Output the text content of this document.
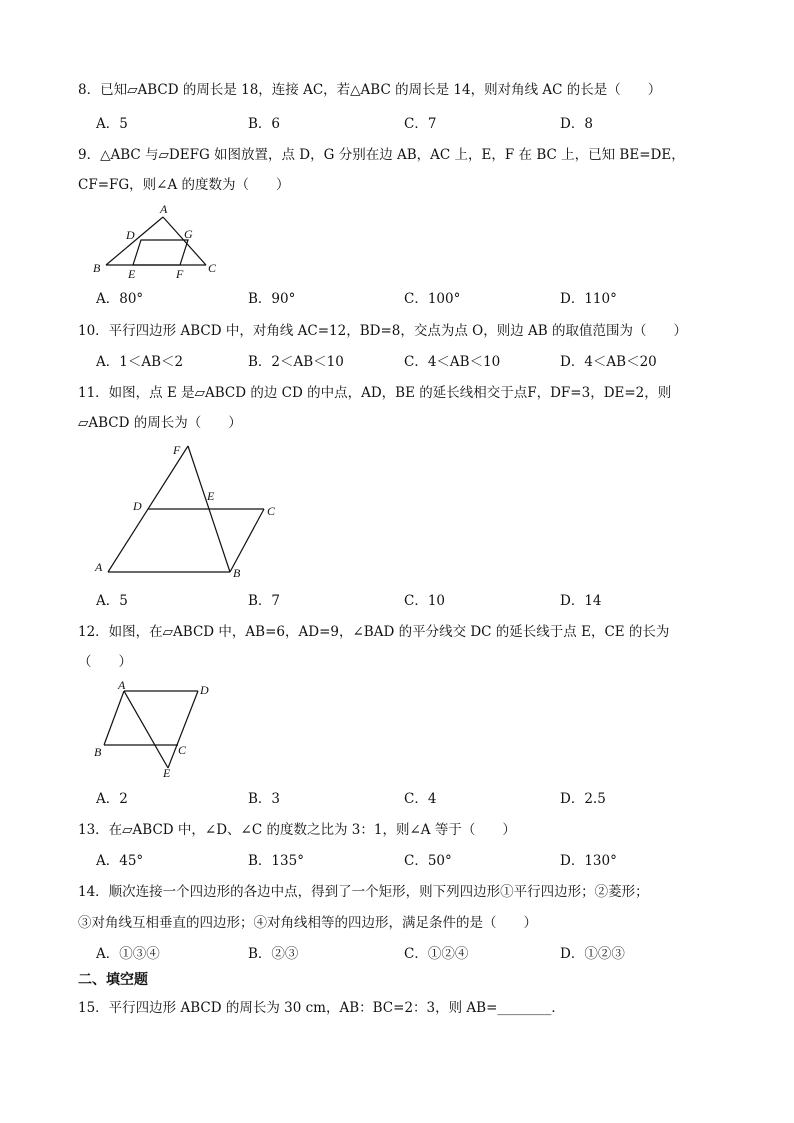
8．已知▱ABCD 的周长是 18，连接 AC，若△ABC 的周长是 14，则对角线 AC 的长是（　　）
A．5	B．6	C．7	D．8
9．△ABC 与▱DEFG 如图放置，点 D，G 分别在边 AB，AC 上，E，F 在 BC 上，已知 BE=DE，
CF=FG，则∠A 的度数为（　　）
A
B	C
D
E	F
G
A．80°	B．90°	C．100°	D．110°
10．平行四边形 ABCD 中，对角线 AC=12，BD=8，交点为点 O，则边 AB 的取值范围为（　　）
A．1＜AB＜2	B．2＜AB＜10	C．4＜AB＜10	D．4＜AB＜20
11．如图，点 E 是▱ABCD 的边 CD 的中点，AD，BE 的延长线相交于点F，DF=3，DE=2，则
▱ABCD 的周长为（　　）
F
D
E
C
A	B
A．5	B．7	C．10	D．14
12．如图，在▱ABCD 中，AB=6，AD=9，∠BAD 的平分线交 DC 的延长线于点 E，CE 的长为
（　　）
A	D
B	C
E
A．2	B．3	C．4	D．2.5
13．在▱ABCD 中，∠D、∠C 的度数之比为 3：1，则∠A 等于（　　）
A．45°	B．135°	C．50°	D．130°
14．顺次连接一个四边形的各边中点，得到了一个矩形，则下列四边形①平行四边形；②菱形；
③对角线互相垂直的四边形；④对角线相等的四边形，满足条件的是（　　）
A．①③④	B．②③	C．①②④	D．①②③
二、填空题
15．平行四边形 ABCD 的周长为 30 cm，AB：BC=2：3，则 AB=________．
